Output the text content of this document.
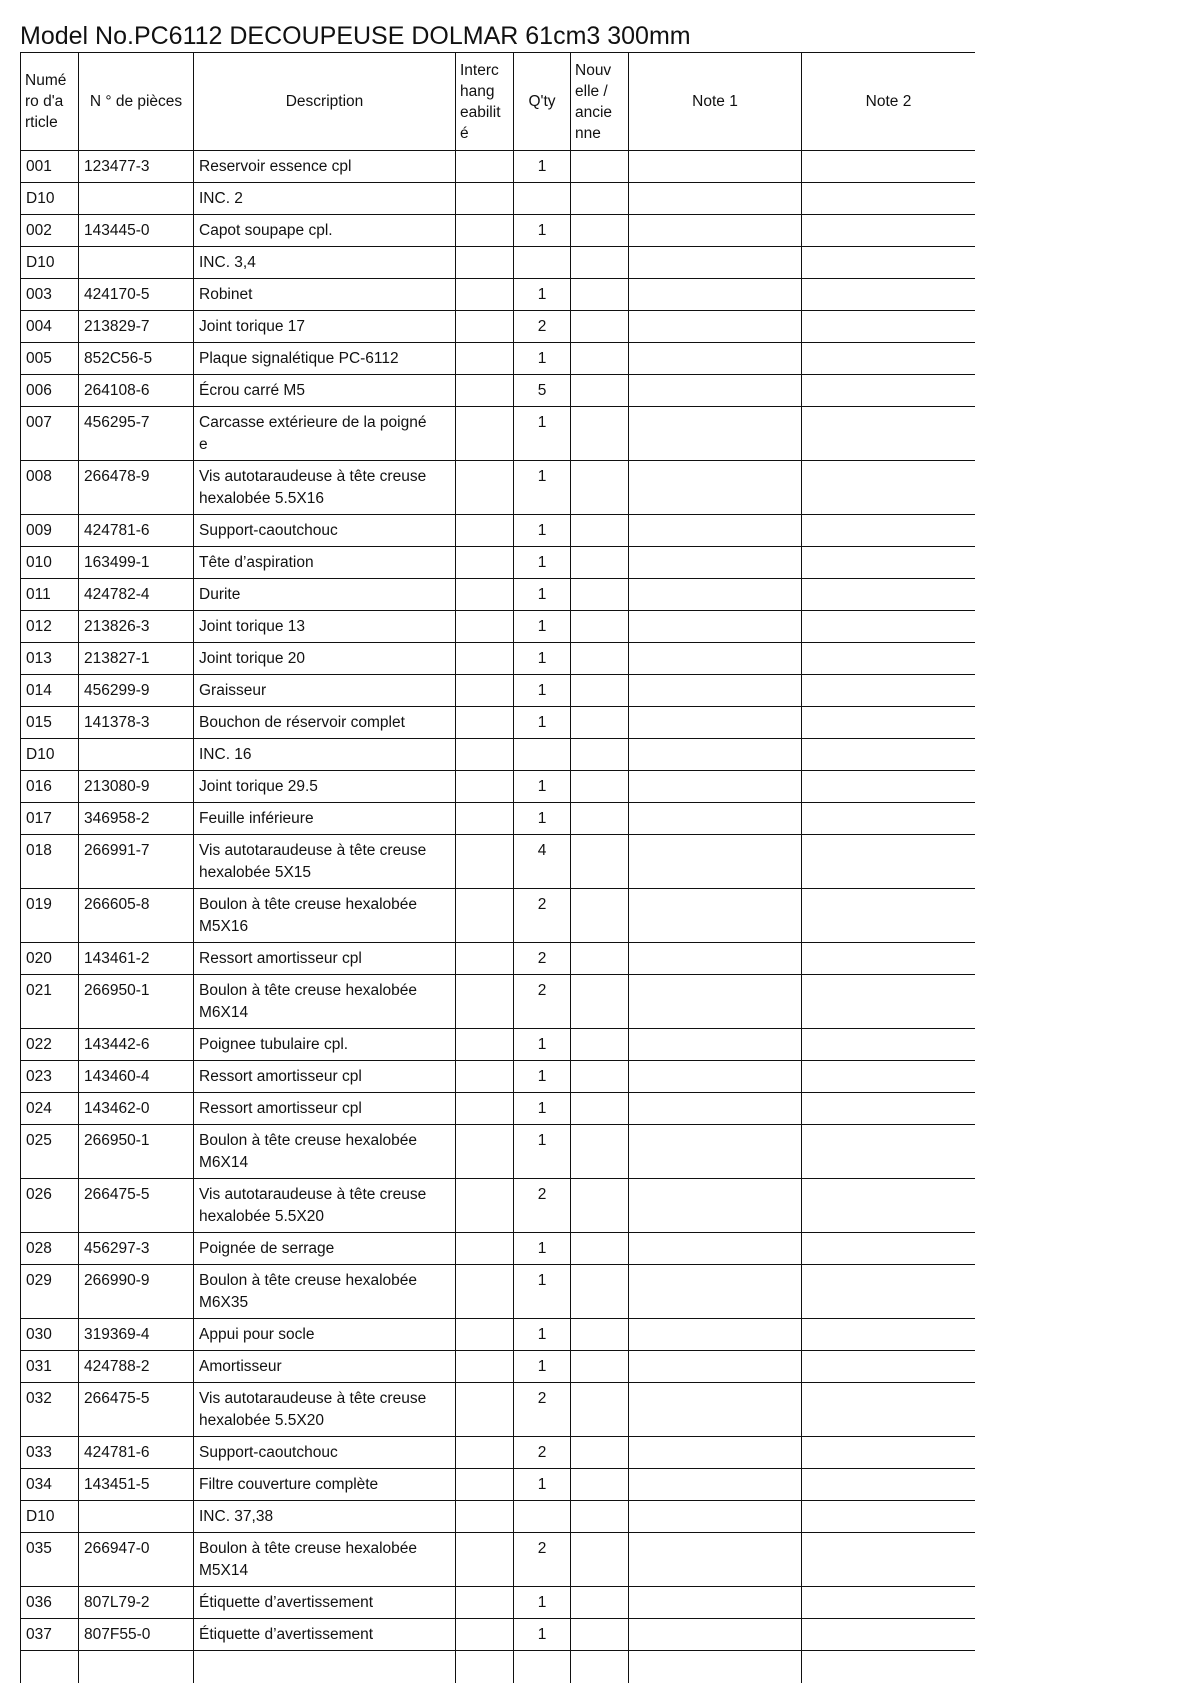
Model No.PC6112 DECOUPEUSE DOLMAR 61cm3 300mm
Numé
ro d'a
rticle	N ° de pièces	Description	Interc
hang
eabilit
é	Q'ty	Nouv
elle /
ancie
nne	Note 1	Note 2
001	123477-3	Reservoir essence cpl		1			
D10		INC. 2					
002	143445-0	Capot soupape cpl.		1			
D10		INC. 3,4					
003	424170-5	Robinet		1			
004	213829-7	Joint torique 17		2			
005	852C56-5	Plaque signalétique PC-6112		1			
006	264108-6	Écrou carré M5		5			
007	456295-7	Carcasse extérieure de la poigné
e		1			
008	266478-9	Vis autotaraudeuse à tête creuse
hexalobée 5.5X16		1			
009	424781-6	Support-caoutchouc		1			
010	163499-1	Tête d’aspiration		1			
011	424782-4	Durite		1			
012	213826-3	Joint torique 13		1			
013	213827-1	Joint torique 20		1			
014	456299-9	Graisseur		1			
015	141378-3	Bouchon de réservoir complet		1			
D10		INC. 16					
016	213080-9	Joint torique 29.5		1			
017	346958-2	Feuille inférieure		1			
018	266991-7	Vis autotaraudeuse à tête creuse
hexalobée 5X15		4			
019	266605-8	Boulon à tête creuse hexalobée
M5X16		2			
020	143461-2	Ressort amortisseur cpl		2			
021	266950-1	Boulon à tête creuse hexalobée
M6X14		2			
022	143442-6	Poignee tubulaire cpl.		1			
023	143460-4	Ressort amortisseur cpl		1			
024	143462-0	Ressort amortisseur cpl		1			
025	266950-1	Boulon à tête creuse hexalobée
M6X14		1			
026	266475-5	Vis autotaraudeuse à tête creuse
hexalobée 5.5X20		2			
028	456297-3	Poignée de serrage		1			
029	266990-9	Boulon à tête creuse hexalobée
M6X35		1			
030	319369-4	Appui pour socle		1			
031	424788-2	Amortisseur		1			
032	266475-5	Vis autotaraudeuse à tête creuse
hexalobée 5.5X20		2			
033	424781-6	Support-caoutchouc		2			
034	143451-5	Filtre couverture complète		1			
D10		INC. 37,38					
035	266947-0	Boulon à tête creuse hexalobée
M5X14		2			
036	807L79-2	Étiquette d’avertissement		1			
037	807F55-0	Étiquette d’avertissement		1			
